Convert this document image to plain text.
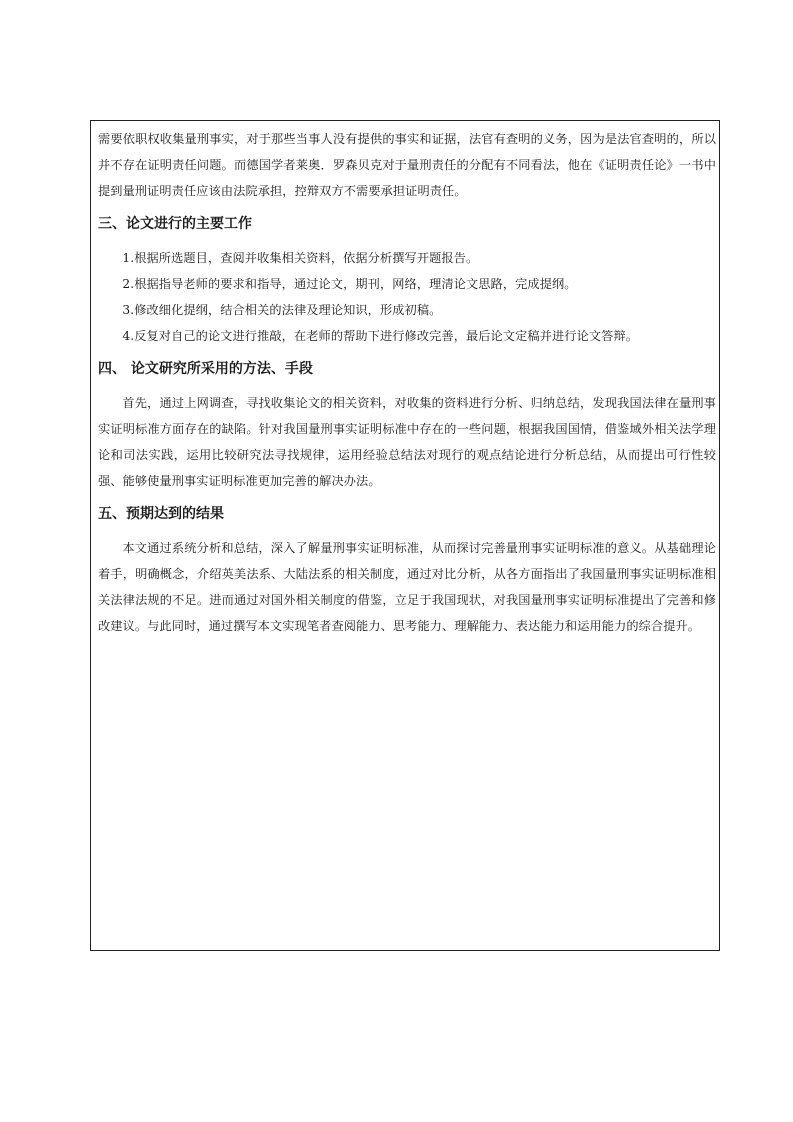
需要依职权收集量刑事实，对于那些当事人没有提供的事实和证据，法官有查明的义务，因为是法官查明的，所以并不存在证明责任问题。而德国学者莱奥．罗森贝克对于量刑责任的分配有不同看法，他在《证明责任论》一书中提到量刑证明责任应该由法院承担，控辩双方不需要承担证明责任。

三、论文进行的主要工作
1.根据所选题目，查阅并收集相关资料，依据分析撰写开题报告。
2.根据指导老师的要求和指导，通过论文，期刊，网络，理清论文思路，完成提纲。
3.修改细化提纲，结合相关的法律及理论知识，形成初稿。
4.反复对自己的论文进行推敲，在老师的帮助下进行修改完善，最后论文定稿并进行论文答辩。
四、 论文研究所采用的方法、手段

首先，通过上网调查，寻找收集论文的相关资料，对收集的资料进行分析、归纳总结，发现我国法律在量刑事实证明标准方面存在的缺陷。针对我国量刑事实证明标准中存在的一些问题，根据我国国情，借鉴域外相关法学理论和司法实践，运用比较研究法寻找规律，运用经验总结法对现行的观点结论进行分析总结，从而提出可行性较强、能够使量刑事实证明标准更加完善的解决办法。

五、预期达到的结果

本文通过系统分析和总结，深入了解量刑事实证明标准，从而探讨完善量刑事实证明标准的意义。从基础理论着手，明确概念，介绍英美法系、大陆法系的相关制度，通过对比分析，从各方面指出了我国量刑事实证明标准相关法律法规的不足。进而通过对国外相关制度的借鉴，立足于我国现状，对我国量刑事实证明标准提出了完善和修改建议。与此同时，通过撰写本文实现笔者查阅能力、思考能力、理解能力、表达能力和运用能力的综合提升。
